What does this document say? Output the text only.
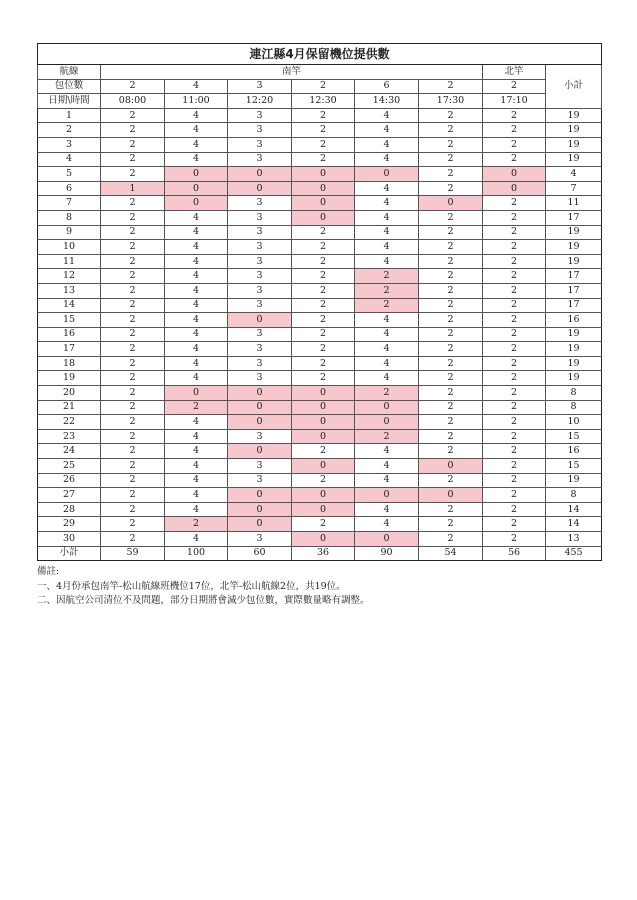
連江縣4月保留機位提供數								
航線	南竿						北竿	小計
包位數	2	4	3	2	6	2	2	
日期\時間	08:00	11:00	12:20	12:30	14:30	17:30	17:10	
1	2	4	3	2	4	2	2	19
2	2	4	3	2	4	2	2	19
3	2	4	3	2	4	2	2	19
4	2	4	3	2	4	2	2	19
5	2	0	0	0	0	2	0	4
6	1	0	0	0	4	2	0	7
7	2	0	3	0	4	0	2	11
8	2	4	3	0	4	2	2	17
9	2	4	3	2	4	2	2	19
10	2	4	3	2	4	2	2	19
11	2	4	3	2	4	2	2	19
12	2	4	3	2	2	2	2	17
13	2	4	3	2	2	2	2	17
14	2	4	3	2	2	2	2	17
15	2	4	0	2	4	2	2	16
16	2	4	3	2	4	2	2	19
17	2	4	3	2	4	2	2	19
18	2	4	3	2	4	2	2	19
19	2	4	3	2	4	2	2	19
20	2	0	0	0	2	2	2	8
21	2	2	0	0	0	2	2	8
22	2	4	0	0	0	2	2	10
23	2	4	3	0	2	2	2	15
24	2	4	0	2	4	2	2	16
25	2	4	3	0	4	0	2	15
26	2	4	3	2	4	2	2	19
27	2	4	0	0	0	0	2	8
28	2	4	0	0	4	2	2	14
29	2	2	0	2	4	2	2	14
30	2	4	3	0	0	2	2	13
小計	59	100	60	36	90	54	56	455
備註:
一、4月份承包南竿-松山航線班機位17位，北竿-松山航線2位，共19位。
二、因航空公司清位不及問題，部分日期將會減少包位數，實際數量略有調整。
